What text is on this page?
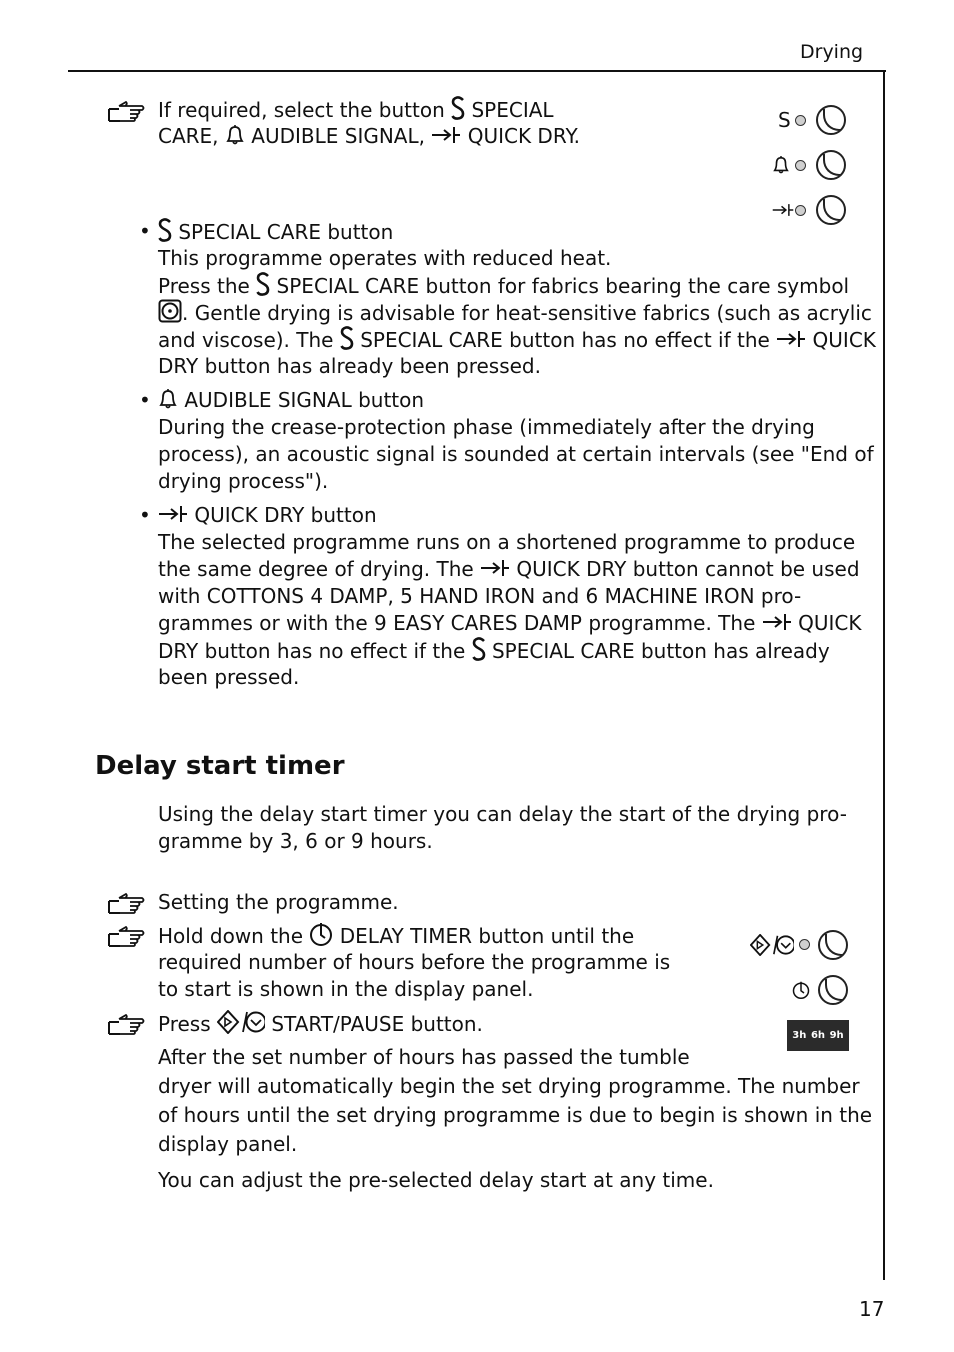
Drying
If required, select the button SPECIAL
CARE, AUDIBLE SIGNAL, QUICK DRY.
S
•	SPECIAL CARE button
This programme operates with reduced heat.
Press the SPECIAL CARE button for fabrics bearing the care symbol
. Gentle drying is advisable for heat-sensitive fabrics (such as acrylic
and viscose). The SPECIAL CARE button has no effect if the QUICK
DRY button has already been pressed.
•	AUDIBLE SIGNAL button
During the crease-protection phase (immediately after the drying
process), an acoustic signal is sounded at certain intervals (see "End of
drying process").
•	QUICK DRY button
The selected programme runs on a shortened programme to produce
the same degree of drying. The QUICK DRY button cannot be used
with COTTONS 4 DAMP, 5 HAND IRON and 6 MACHINE IRON pro-
grammes or with the 9 EASY CARES DAMP programme. The QUICK
DRY button has no effect if the SPECIAL CARE button has already
been pressed.
Delay start timer
Using the delay start timer you can delay the start of the drying pro-
gramme by 3, 6 or 9 hours.
Setting the programme.
Hold down the DELAY TIMER button until the
required number of hours before the programme is
to start is shown in the display panel.
Press	START/PAUSE button.
After the set number of hours has passed the tumble
dryer will automatically begin the set drying programme. The number
of hours until the set drying programme is due to begin is shown in the
display panel.
You can adjust the pre-selected delay start at any time.
3h 6h 9h
17
